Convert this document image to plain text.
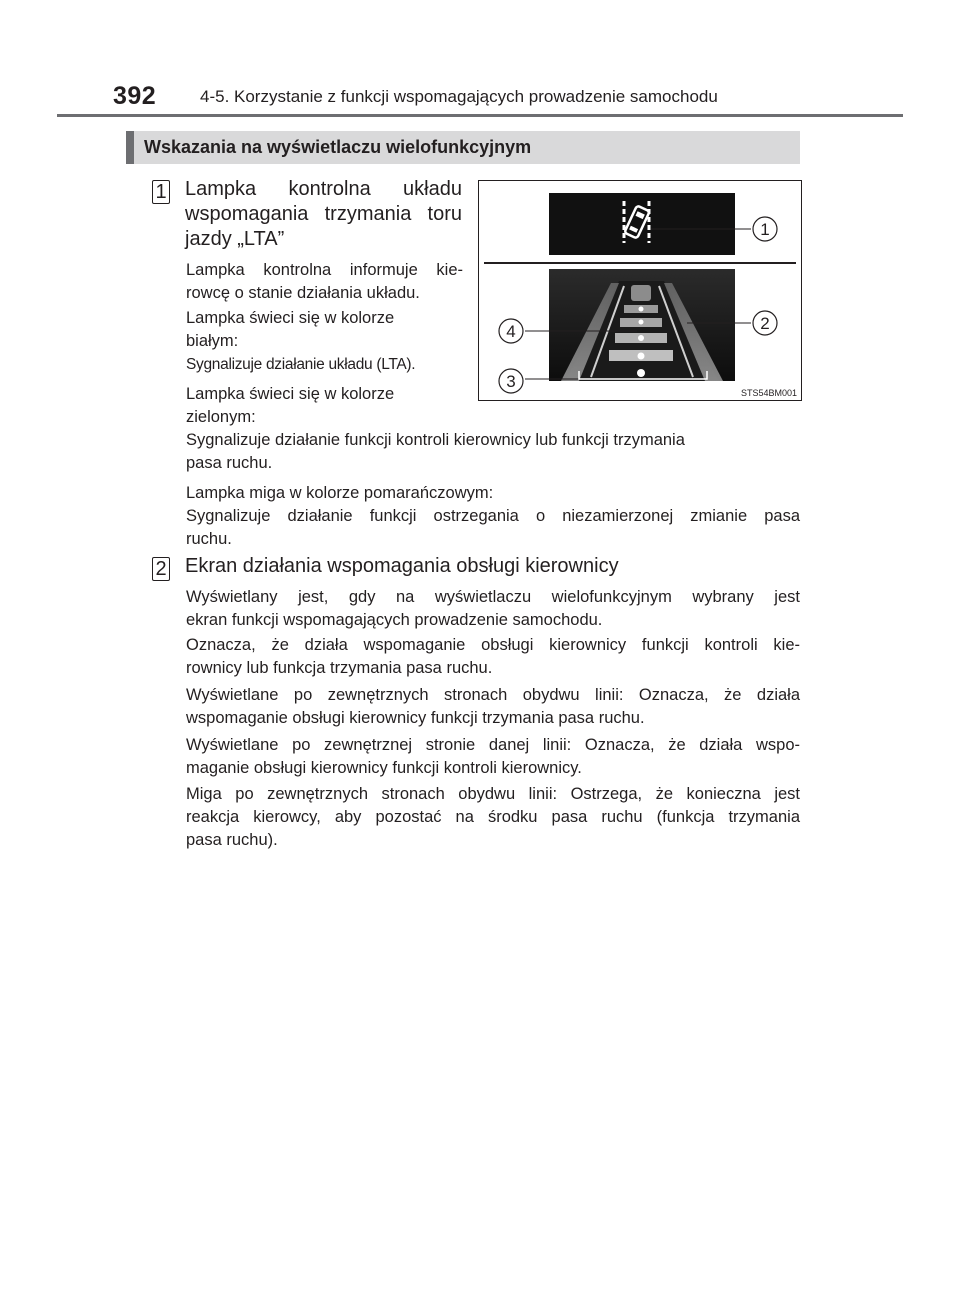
392	4-5. Korzystanie z funkcji wspomagających prowadzenie samochodu
Wskazania na wyświetlaczu wielofunkcyjnym
1 Lampka kontrolna układu
wspomagania trzymania toru
jazdy „LTA”
Lampka kontrolna informuje kie-
rowcę o stanie działania układu.
Lampka świeci się w kolorze
białym:
Sygnalizuje działanie układu (LTA).
Lampka świeci się w kolorze
zielonym:
Sygnalizuje działanie funkcji kontroli kierownicy lub funkcji trzymania
pasa ruchu.
Lampka miga w kolorze pomarańczowym:
Sygnalizuje działanie funkcji ostrzegania o niezamierzonej zmianie pasa
ruchu.
1
2
4
3
STS54BM001
2 Ekran działania wspomagania obsługi kierownicy
Wyświetlany jest, gdy na wyświetlaczu wielofunkcyjnym wybrany jest
ekran funkcji wspomagających prowadzenie samochodu.
Oznacza, że działa wspomaganie obsługi kierownicy funkcji kontroli kie-
rownicy lub funkcja trzymania pasa ruchu.
Wyświetlane po zewnętrznych stronach obydwu linii: Oznacza, że działa
wspomaganie obsługi kierownicy funkcji trzymania pasa ruchu.
Wyświetlane po zewnętrznej stronie danej linii: Oznacza, że działa wspo-
maganie obsługi kierownicy funkcji kontroli kierownicy.
Miga po zewnętrznych stronach obydwu linii: Ostrzega, że konieczna jest
reakcja kierowcy, aby pozostać na środku pasa ruchu (funkcja trzymania
pasa ruchu).
